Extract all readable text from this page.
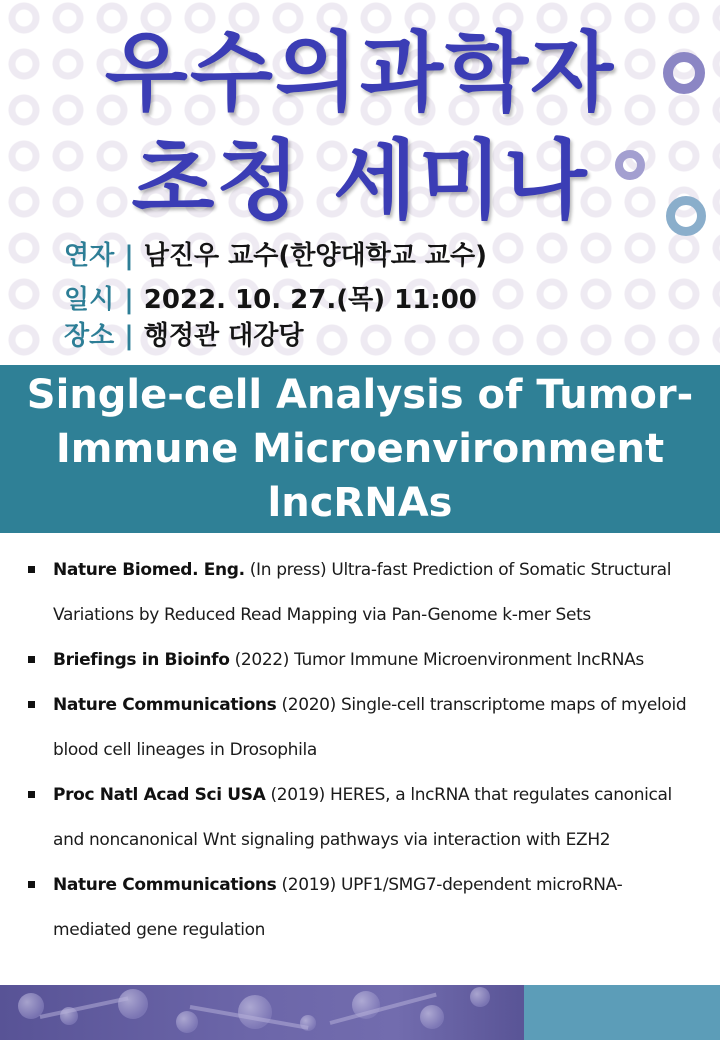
우수의과학자
초청 세미나
연자 | 남진우 교수(한양대학교 교수)
일시 | 2022. 10. 27.(목) 11:00
장소 | 행정관 대강당
Single-cell Analysis of Tumor-
Immune Microenvironment
lncRNAs
Nature Biomed. Eng. (In press) Ultra-fast Prediction of Somatic Structural
Variations by Reduced Read Mapping via Pan-Genome k-mer Sets
Briefings in Bioinfo (2022) Tumor Immune Microenvironment lncRNAs
Nature Communications (2020) Single-cell transcriptome maps of myeloid
blood cell lineages in Drosophila
Proc Natl Acad Sci USA (2019) HERES, a lncRNA that regulates canonical
and noncanonical Wnt signaling pathways via interaction with EZH2
Nature Communications (2019) UPF1/SMG7-dependent microRNA-
mediated gene regulation
